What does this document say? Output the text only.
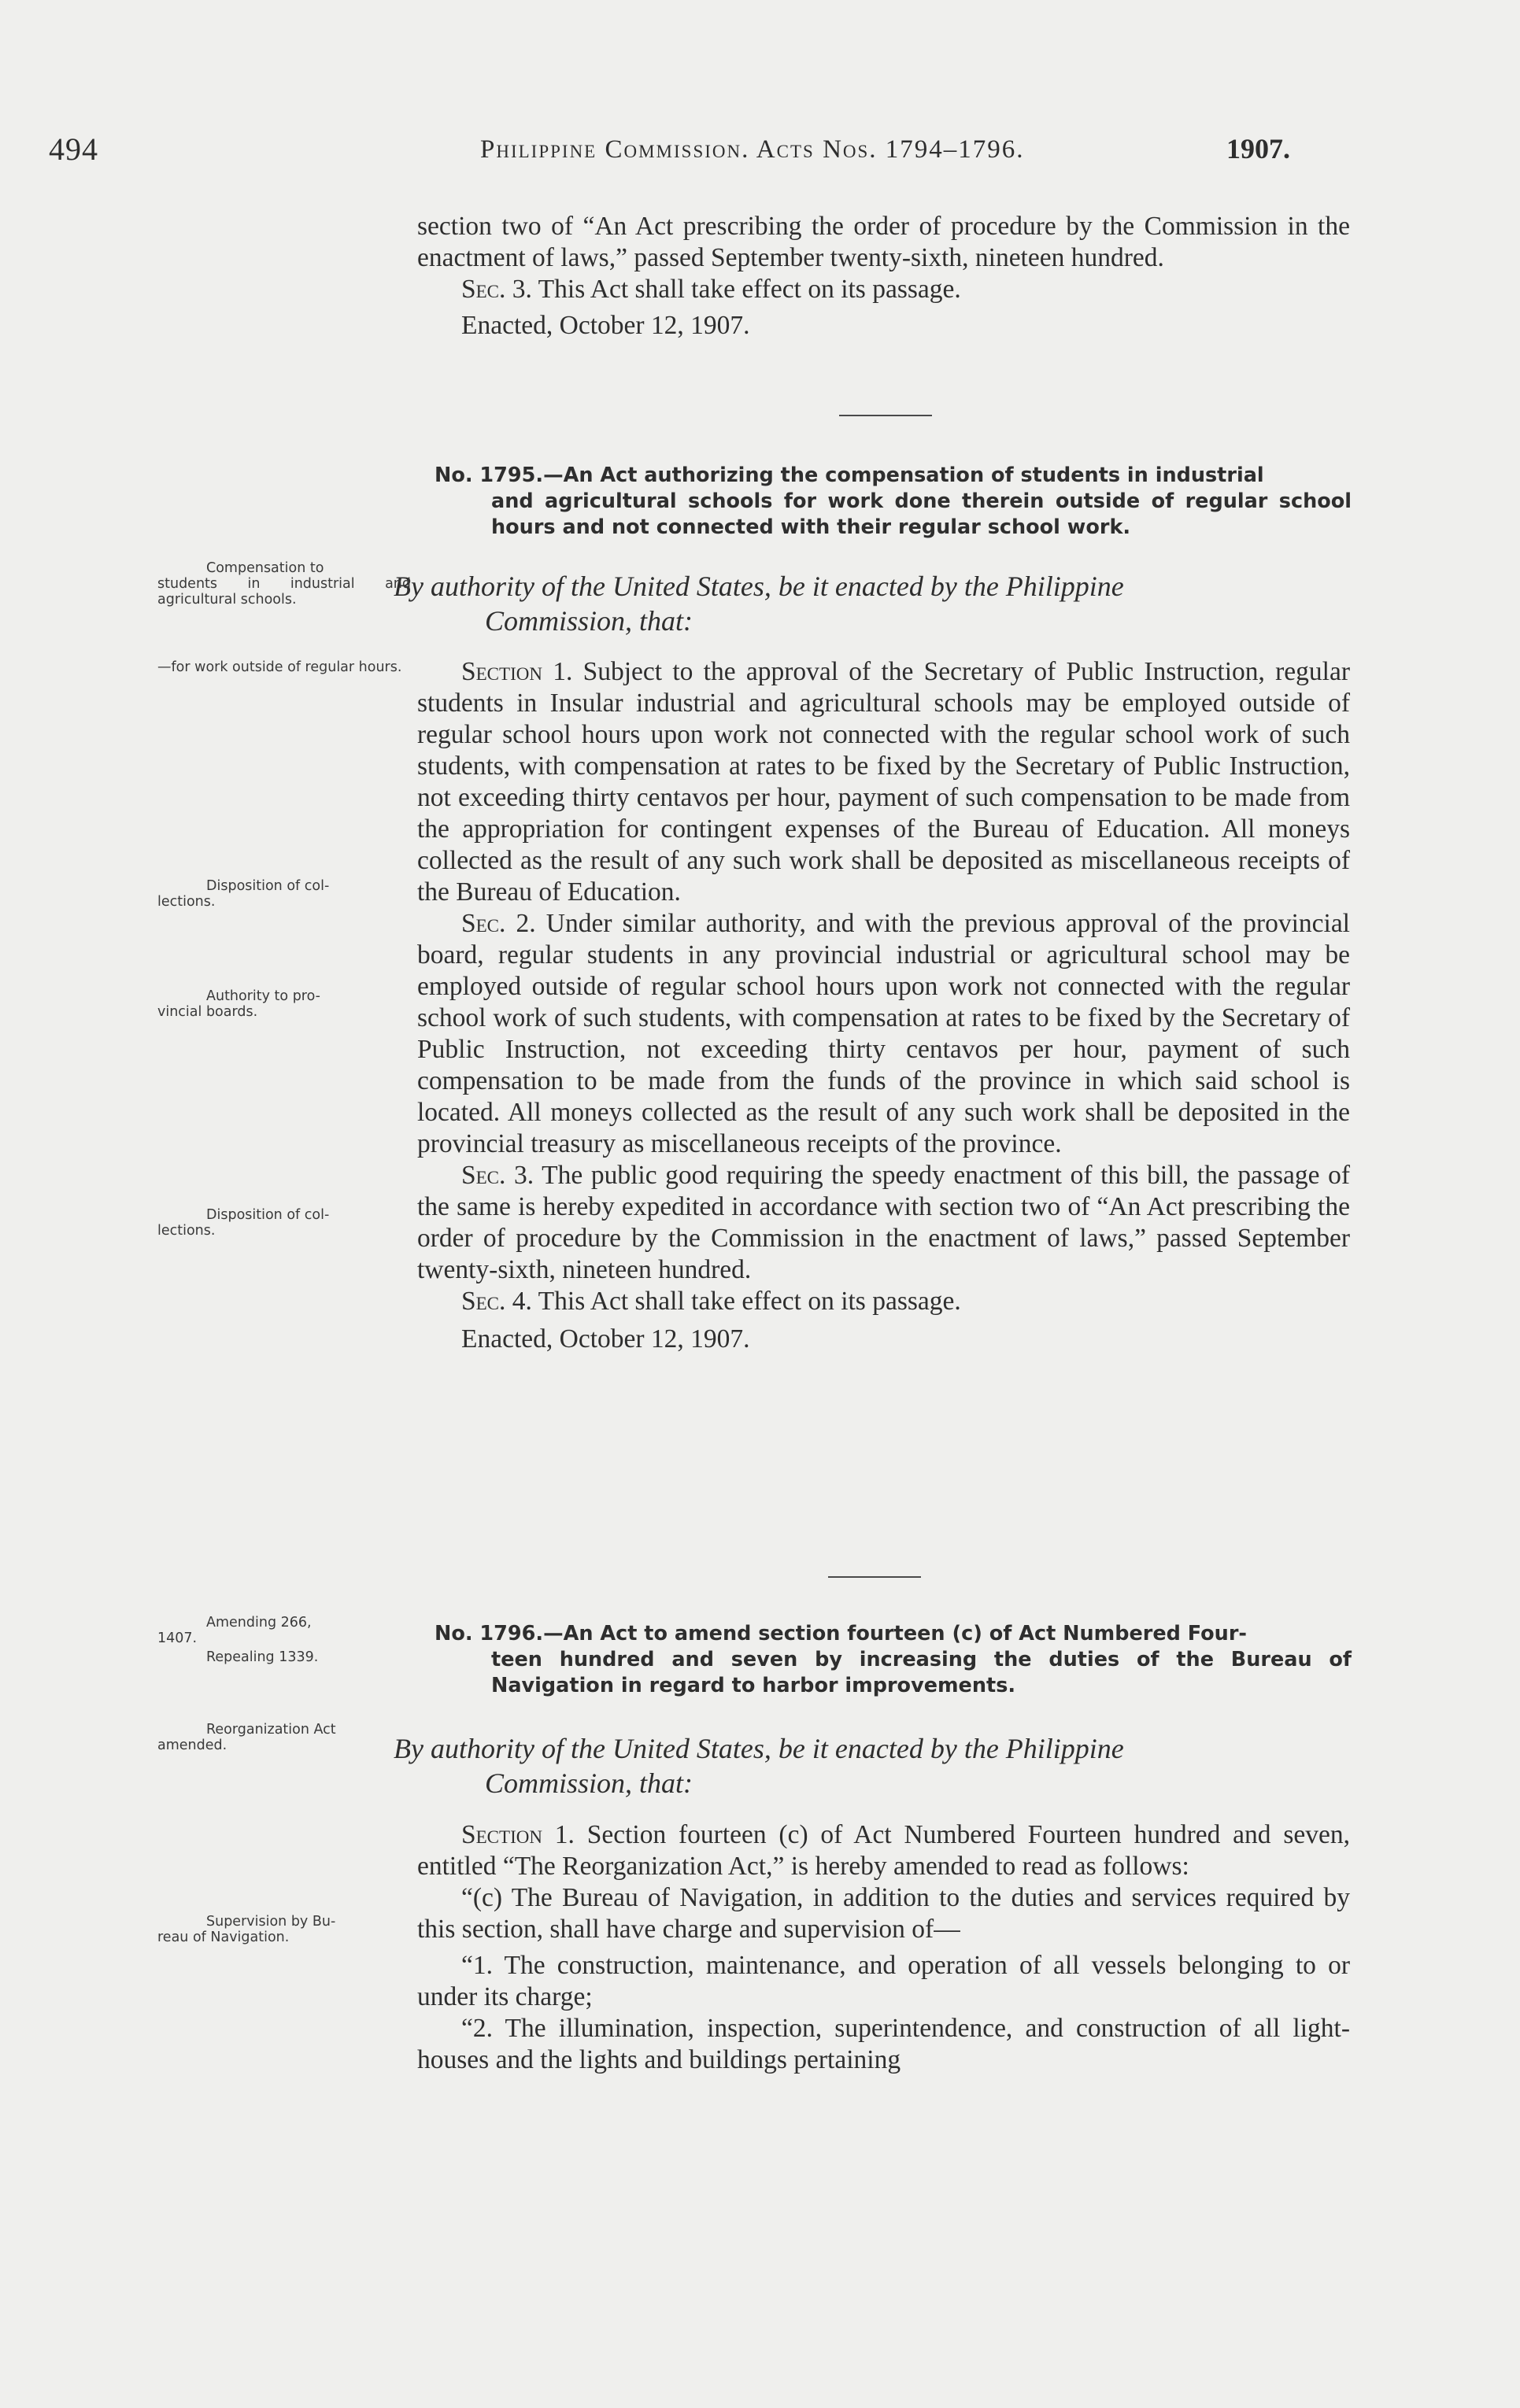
494	Philippine Commission. Acts Nos. 1794–1796.	1907.

section two of “An Act prescribing the order of procedure by the Commission in the enactment of laws,” passed September twenty-sixth, nineteen hundred.

Sec. 3. This Act shall take effect on its passage.

Enacted, October 12, 1907.

No. 1795.—An Act authorizing the compensation of students in industrial
and agricultural schools for work done therein outside of regular school hours and not connected with their regular school work.
By authority of the United States, be it enacted by the Philippine
Commission, that:

Section 1. Subject to the approval of the Secretary of Public Instruction, regular students in Insular industrial and agricultural schools may be employed outside of regular school hours upon work not connected with the regular school work of such students, with compensation at rates to be fixed by the Secretary of Public Instruction, not exceeding thirty centavos per hour, payment of such compensation to be made from the appropriation for contingent expenses of the Bureau of Education. All moneys collected as the result of any such work shall be deposited as miscellaneous receipts of the Bureau of Education.

Sec. 2. Under similar authority, and with the previous approval of the provincial board, regular students in any provincial industrial or agricultural school may be employed outside of regular school hours upon work not connected with the regular school work of such students, with compensation at rates to be fixed by the Secretary of Public Instruction, not exceeding thirty centavos per hour, payment of such compensation to be made from the funds of the province in which said school is located. All moneys collected as the result of any such work shall be deposited in the provincial treasury as miscellaneous receipts of the province.

Sec. 3. The public good requiring the speedy enactment of this bill, the passage of the same is hereby expedited in accordance with section two of “An Act prescribing the order of procedure by the Commission in the enactment of laws,” passed September twenty-sixth, nineteen hundred.

Sec. 4. This Act shall take effect on its passage.

Enacted, October 12, 1907.

No. 1796.—An Act to amend section fourteen (c) of Act Numbered Four-
teen hundred and seven by increasing the duties of the Bureau of Navigation in regard to harbor improvements.
By authority of the United States, be it enacted by the Philippine
Commission, that:

Section 1. Section fourteen (c) of Act Numbered Fourteen hundred and seven, entitled “The Reorganization Act,” is hereby amended to read as follows:

“(c) The Bureau of Navigation, in addition to the duties and services required by this section, shall have charge and supervision of—

“1. The construction, maintenance, and operation of all vessels belonging to or under its charge;

“2. The illumination, inspection, superintendence, and construction of all light-houses and the lights and buildings pertaining

Compensation to
students in industrial and agricultural schools.
—for work outside of regular hours.
Disposition of col-
lections.
Authority to pro-
vincial boards.
Disposition of col-
lections.
Amending 266,
1407.
Repealing 1339.
Reorganization Act
amended.
Supervision by Bu-
reau of Navigation.
